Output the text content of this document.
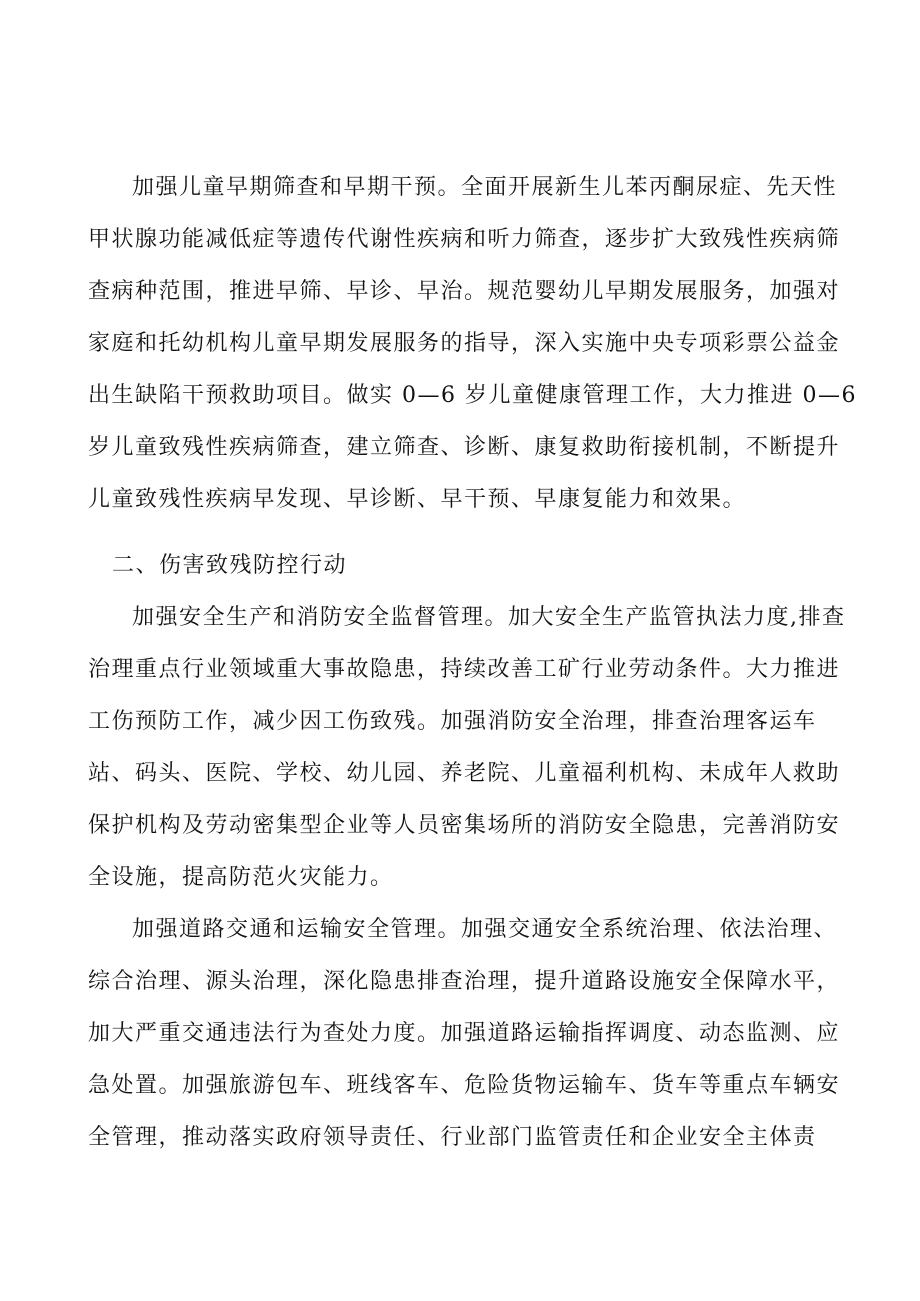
加强儿童早期筛查和早期干预。全面开展新生儿苯丙酮尿症、先天性
甲状腺功能减低症等遗传代谢性疾病和听力筛查，逐步扩大致残性疾病筛
查病种范围，推进早筛、早诊、早治。规范婴幼儿早期发展服务，加强对
家庭和托幼机构儿童早期发展服务的指导，深入实施中央专项彩票公益金
出生缺陷干预救助项目。做实 0—6 岁儿童健康管理工作，大力推进 0—6
岁儿童致残性疾病筛查，建立筛查、诊断、康复救助衔接机制，不断提升
儿童致残性疾病早发现、早诊断、早干预、早康复能力和效果。
二、伤害致残防控行动
加强安全生产和消防安全监督管理。加大安全生产监管执法力度,排查
治理重点行业领域重大事故隐患，持续改善工矿行业劳动条件。大力推进
工伤预防工作，减少因工伤致残。加强消防安全治理，排查治理客运车
站、码头、医院、学校、幼儿园、养老院、儿童福利机构、未成年人救助
保护机构及劳动密集型企业等人员密集场所的消防安全隐患，完善消防安
全设施，提高防范火灾能力。
加强道路交通和运输安全管理。加强交通安全系统治理、依法治理、
综合治理、源头治理，深化隐患排查治理，提升道路设施安全保障水平，
加大严重交通违法行为查处力度。加强道路运输指挥调度、动态监测、应
急处置。加强旅游包车、班线客车、危险货物运输车、货车等重点车辆安
全管理，推动落实政府领导责任、行业部门监管责任和企业安全主体责
